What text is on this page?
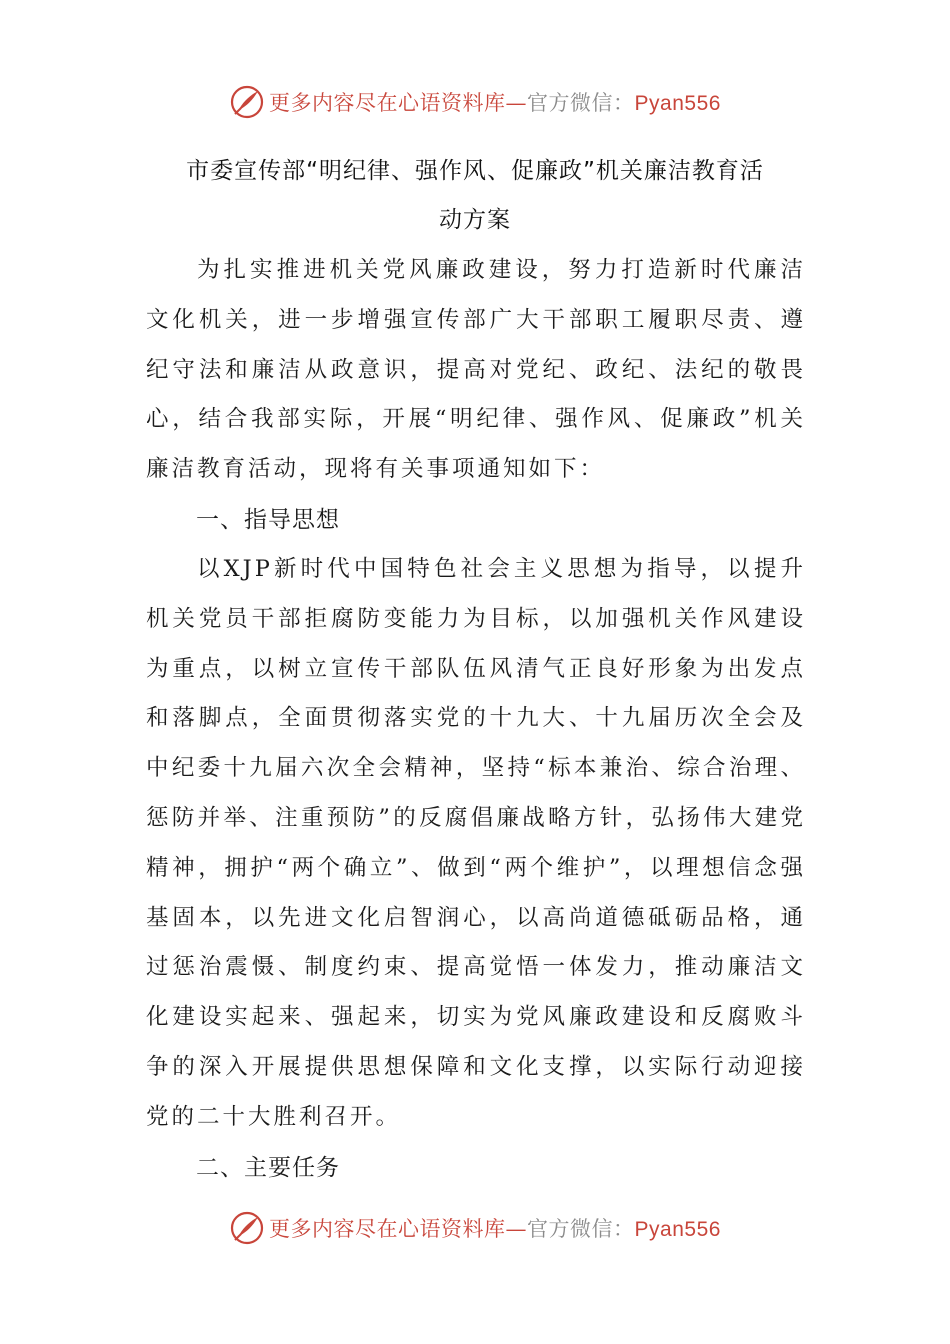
更多内容尽在心语资料库—官方微信：Pyan556
市委宣传部“明纪律、强作风、促廉政”机关廉洁教育活
动方案

为扎实推进机关党风廉政建设，努力打造新时代廉洁文化机关，进一步增强宣传部广大干部职工履职尽责、遵纪守法和廉洁从政意识，提高对党纪、政纪、法纪的敬畏心，结合我部实际，开展“明纪律、强作风、促廉政”机关廉洁教育活动，现将有关事项通知如下：

一、指导思想

以XJP新时代中国特色社会主义思想为指导，以提升机关党员干部拒腐防变能力为目标，以加强机关作风建设为重点，以树立宣传干部队伍风清气正良好形象为出发点和落脚点，全面贯彻落实党的十九大、十九届历次全会及中纪委十九届六次全会精神，坚持“标本兼治、综合治理、惩防并举、注重预防”的反腐倡廉战略方针，弘扬伟大建党精神，拥护“两个确立”、做到“两个维护”，以理想信念强基固本，以先进文化启智润心，以高尚道德砥砺品格，通过惩治震慑、制度约束、提高觉悟一体发力，推动廉洁文化建设实起来、强起来，切实为党风廉政建设和反腐败斗争的深入开展提供思想保障和文化支撑，以实际行动迎接党的二十大胜利召开。

二、主要任务
更多内容尽在心语资料库—官方微信：Pyan556
